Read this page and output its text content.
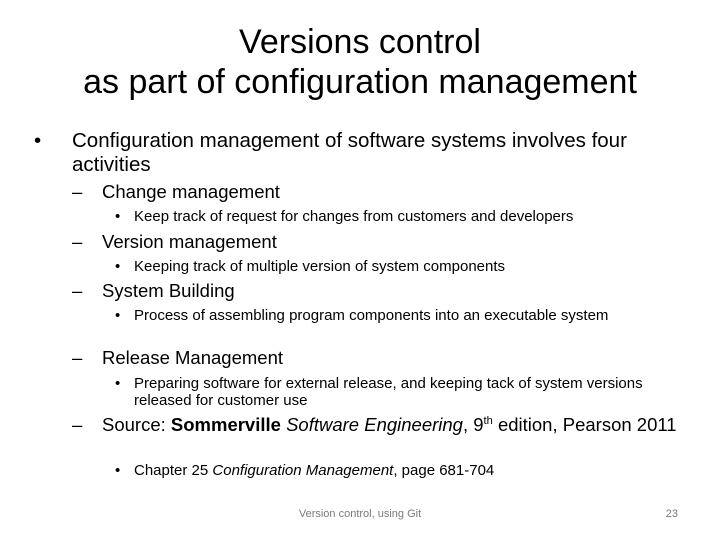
Versions control
as part of configuration management
• Configuration management of software systems involves four activities
– Change management
• Keep track of request for changes from customers and developers
– Version management
• Keeping track of multiple version of system components
– System Building
• Process of assembling program components into an executable system
– Release Management
• Preparing software for external release, and keeping tack of system versions released for customer use
– Source: Sommerville Software Engineering, 9th edition, Pearson 2011
• Chapter 25 Configuration Management, page 681-704
Version control, using Git	23
